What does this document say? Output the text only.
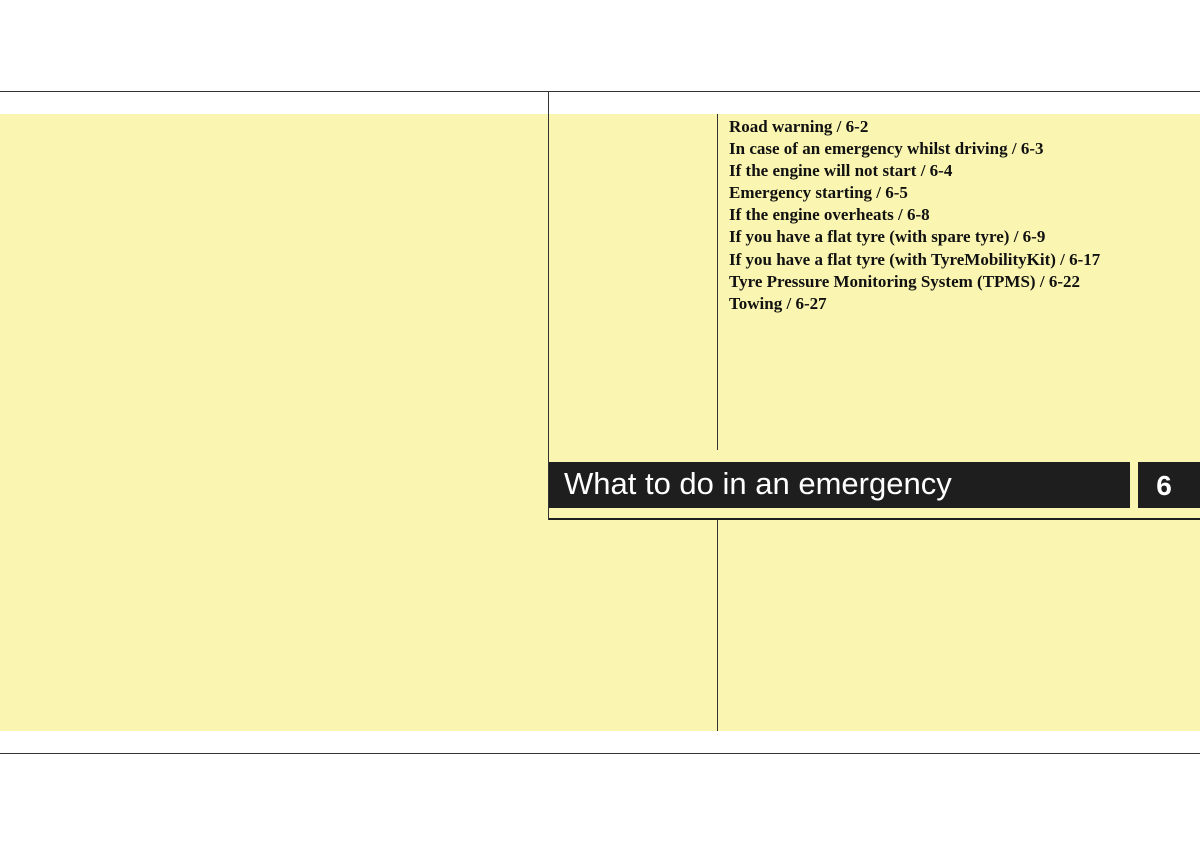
Road warning / 6-2
In case of an emergency whilst driving / 6-3
If the engine will not start / 6-4
Emergency starting / 6-5
If the engine overheats / 6-8
If you have a flat tyre (with spare tyre) / 6-9
If you have a flat tyre (with TyreMobilityKit) / 6-17
Tyre Pressure Monitoring System (TPMS) / 6-22
Towing / 6-27
What to do in an emergency	6
